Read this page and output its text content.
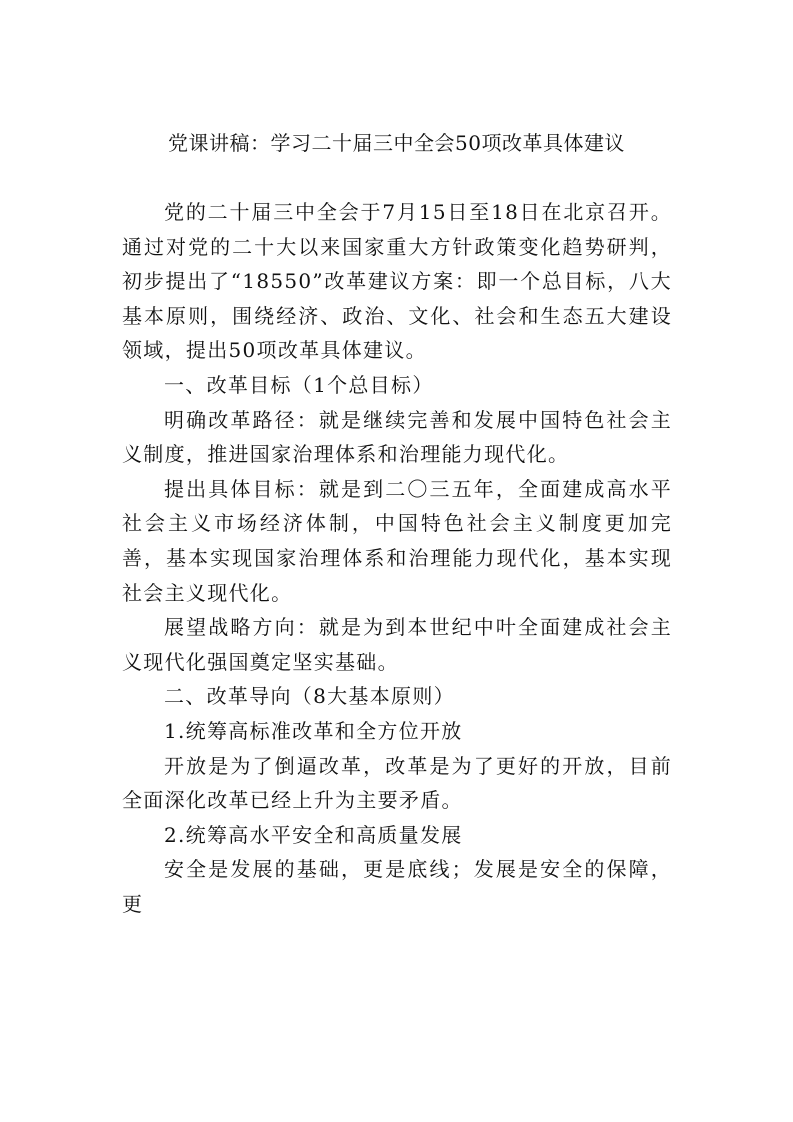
党课讲稿：学习二十届三中全会50项改革具体建议

党的二十届三中全会于7月15日至18日在北京召开。通过对党的二十大以来国家重大方针政策变化趋势研判，初步提出了“18550”改革建议方案：即一个总目标，八大基本原则，围绕经济、政治、文化、社会和生态五大建设领域，提出50项改革具体建议。

一、改革目标（1个总目标）

明确改革路径：就是继续完善和发展中国特色社会主义制度，推进国家治理体系和治理能力现代化。

提出具体目标：就是到二〇三五年，全面建成高水平社会主义市场经济体制，中国特色社会主义制度更加完善，基本实现国家治理体系和治理能力现代化，基本实现社会主义现代化。

展望战略方向：就是为到本世纪中叶全面建成社会主义现代化强国奠定坚实基础。

二、改革导向（8大基本原则）

1.统筹高标准改革和全方位开放

开放是为了倒逼改革，改革是为了更好的开放，目前全面深化改革已经上升为主要矛盾。

2.统筹高水平安全和高质量发展

安全是发展的基础，更是底线；发展是安全的保障，更
